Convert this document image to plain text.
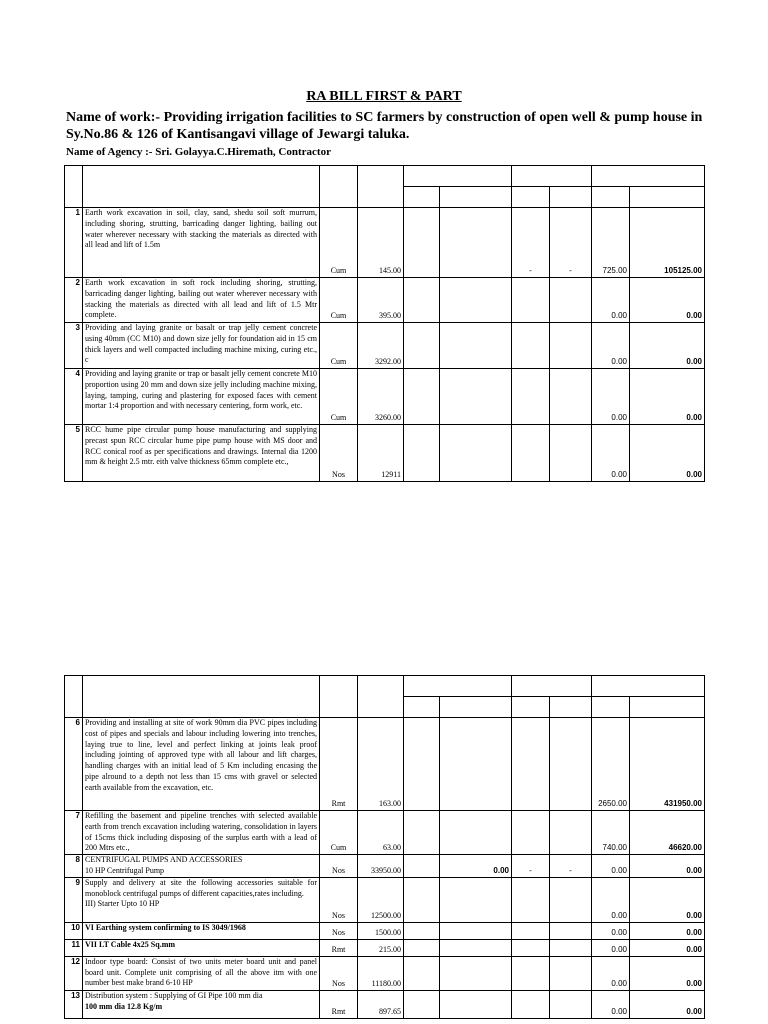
RA BILL FIRST & PART
Name of work:- Providing irrigation facilities to SC farmers by construction of open well & pump house in Sy.No.86 & 126 of Kantisangavi village of Jewargi taluka.
Name of Agency :- Sri. Golayya.C.Hiremath, Contractor

1	Earth work excavation in soil, clay, sand, shedu soil soft murrum, including shoring, strutting, barricading danger lighting, bailing out water wherever necessary with stacking the materials as directed with all lead and lift of 1.5m	Cum	145.00			-	-	725.00	105125.00
2	Earth work excavation in soft rock including shoring, strutting, barricading danger lighting, bailing out water wherever necessary with stacking the materials as directed with all lead and lift of 1.5 Mtr complete.	Cum	395.00					0.00	0.00
3	Providing and laying granite or basalt or trap jelly cement concrete using 40mm (CC M10) and down size jelly for foundation aid in 15 cm thick layers and well compacted including machine mixing, curing etc., c	Cum	3292.00					0.00	0.00
4	Providing and laying granite or trap or basalt jelly cement concrete M10 proportion using 20 mm and down size jelly including machine mixing, laying, tamping, curing and plastering for exposed faces with cement mortar 1:4 proportion and with necessary centering, form work, etc.	Cum	3260.00					0.00	0.00
5	RCC hume pipe circular pump house manufacturing and supplying precast spun RCC circular hume pipe pump house with MS door and RCC conical roof as per specifications and drawings. Internal dia 1200 mm & height 2.5 mtr. eith valve thickness 65mm complete etc.,	Nos	12911					0.00	0.00

6	Providing and installing at site of work 90mm dia PVC pipes including cost of pipes and specials and labour including lowering into trenches, laying true to line, level and perfect linking at joints leak proof including jointing of approved type with all labour and lift charges, handling charges with an initial lead of 5 Km including encasing the pipe alround to a depth not less than 15 cms with gravel or selected earth available from the excavation, etc.	Rmt	163.00					2650.00	431950.00
7	Refilling the basement and pipeline trenches with selected available earth from trench excavation including watering, consolidation in layers of 15cms thick including disposing of the surplus earth with a lead of 200 Mtrs etc.,	Cum	63.00					740.00	46620.00
8	CENTRIFUGAL PUMPS AND ACCESSORIES
10 HP Centrifugal Pump	Nos	33950.00		0.00	-	-	0.00	0.00
9	Supply and delivery at site the following accessories suitable for monoblock centrifugal pumps of different capacities,rates including.
III) Starter Upto 10 HP	Nos	12500.00					0.00	0.00
10	VI Earthing system confirming to IS 3049/1968	Nos	1500.00					0.00	0.00
11	VII LT Cable 4x25 Sq.mm	Rmt	215.00					0.00	0.00
12	Indoor type board: Consist of two units meter board unit and panel board unit. Complete unit comprising of all the above itm with one number best make brand 6-10 HP	Nos	11180.00					0.00	0.00
13	Distribution system : Supplying of GI Pipe 100 mm dia
100 mm dia 12.8 Kg/m	Rmt	897.65					0.00	0.00
